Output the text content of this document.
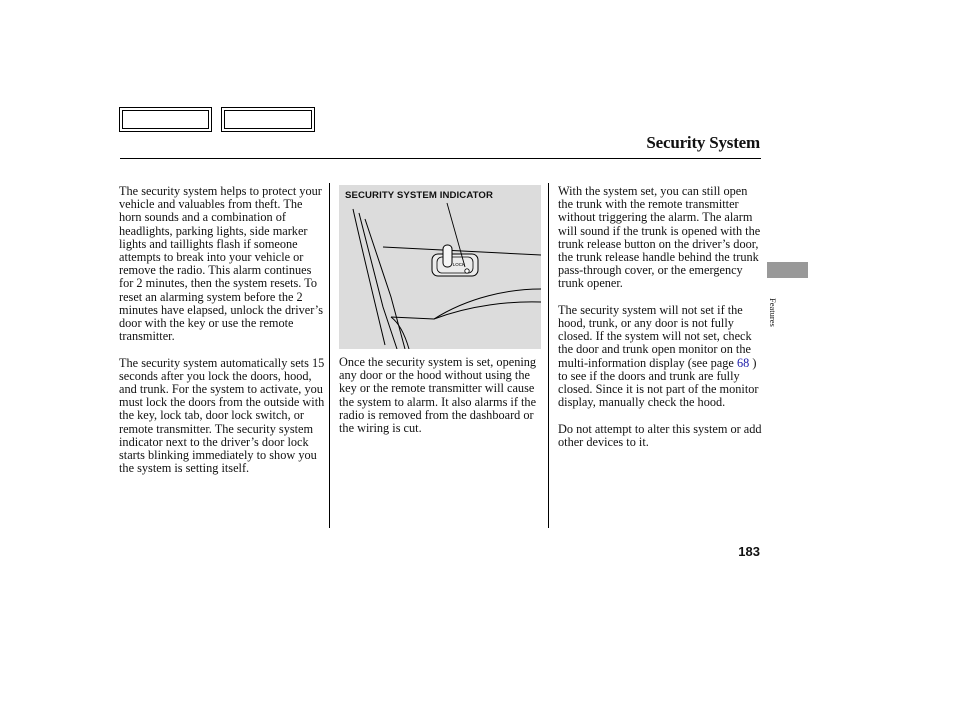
Security System

The security system helps to protect your vehicle and valuables from theft. The horn sounds and a combination of headlights, parking lights, side marker lights and taillights flash if someone attempts to break into your vehicle or remove the radio. This alarm continues for 2 minutes, then the system resets. To reset an alarming system before the 2 minutes have elapsed, unlock the driver’s door with the key or use the remote transmitter.

The security system automatically sets 15 seconds after you lock the doors, hood, and trunk. For the system to activate, you must lock the doors from the outside with the key, lock tab, door lock switch, or remote transmitter. The security system indicator next to the driver’s door lock starts blinking immediately to show you the system is setting itself.

LOCK
SECURITY SYSTEM INDICATOR

Once the security system is set, opening any door or the hood without using the key or the remote transmitter will cause the system to alarm. It also alarms if the radio is removed from the dashboard or the wiring is cut.

With the system set, you can still open the trunk with the remote transmitter without triggering the alarm. The alarm will sound if the trunk is opened with the trunk release button on the driver’s door, the trunk release handle behind the trunk pass-through cover, or the emergency trunk opener.

The security system will not set if the hood, trunk, or any door is not fully closed. If the system will not set, check the door and trunk open monitor on the multi-information display (see page 68 ) to see if the doors and trunk are fully closed. Since it is not part of the monitor display, manually check the hood.

Do not attempt to alter this system or add other devices to it.

Features
183
